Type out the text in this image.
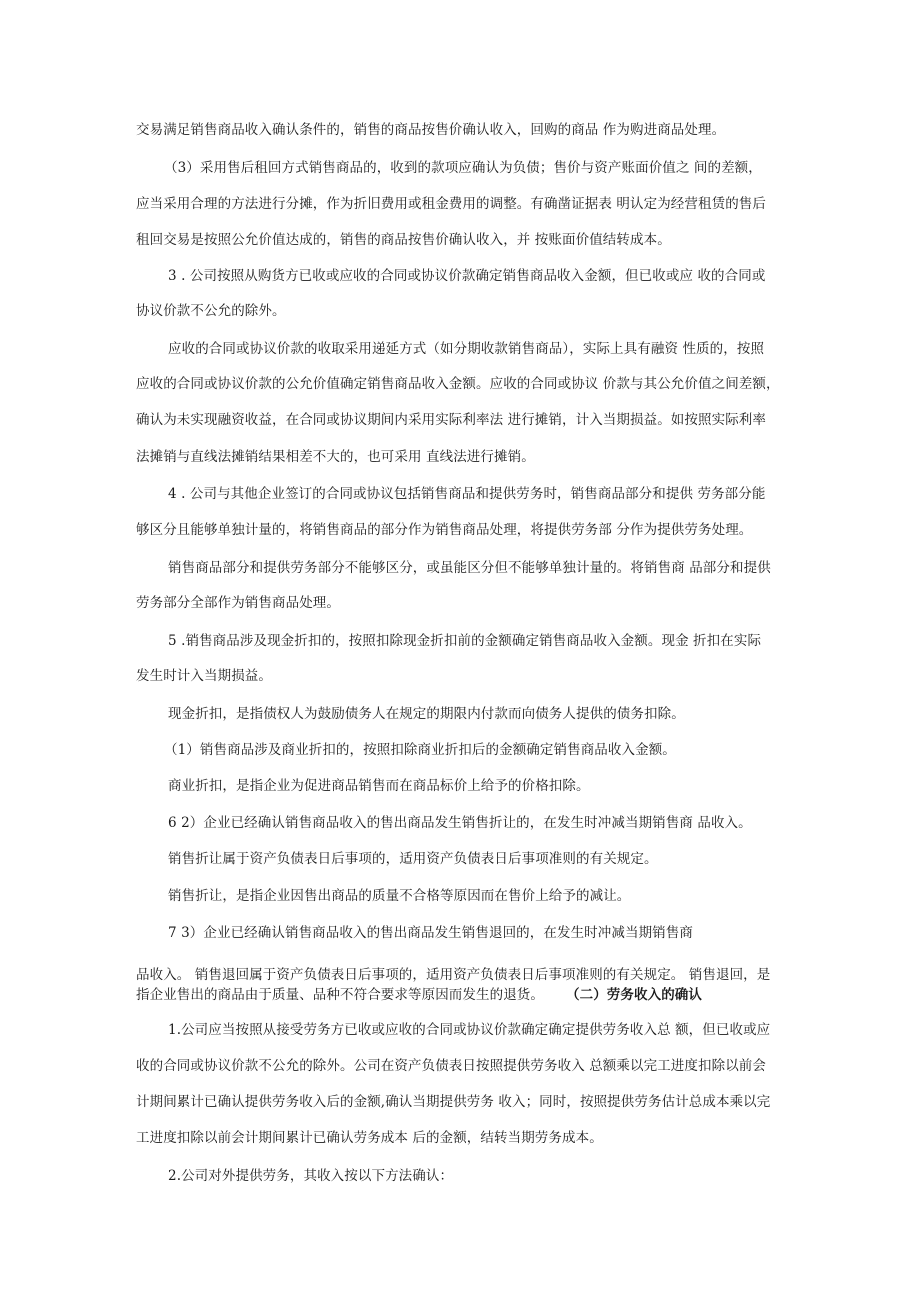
交易满足销售商品收入确认条件的，销售的商品按售价确认收入，回购的商品 作为购进商品处理。
（3）采用售后租回方式销售商品的，收到的款项应确认为负债；售价与资产账面价值之 间的差额，
应当采用合理的方法进行分摊，作为折旧费用或租金费用的调整。有确凿证据表 明认定为经营租赁的售后
租回交易是按照公允价值达成的，销售的商品按售价确认收入，并 按账面价值结转成本。
3 . 公司按照从购货方已收或应收的合同或协议价款确定销售商品收入金额，但已收或应 收的合同或
协议价款不公允的除外。
应收的合同或协议价款的收取采用递延方式（如分期收款销售商品），实际上具有融资 性质的，按照
应收的合同或协议价款的公允价值确定销售商品收入金额。应收的合同或协议 价款与其公允价值之间差额，
确认为未实现融资收益，在合同或协议期间内采用实际利率法 进行摊销，计入当期损益。如按照实际利率
法摊销与直线法摊销结果相差不大的，也可采用 直线法进行摊销。
4 . 公司与其他企业签订的合同或协议包括销售商品和提供劳务时，销售商品部分和提供 劳务部分能
够区分且能够单独计量的，将销售商品的部分作为销售商品处理，将提供劳务部 分作为提供劳务处理。
销售商品部分和提供劳务部分不能够区分，或虽能区分但不能够单独计量的。将销售商 品部分和提供
劳务部分全部作为销售商品处理。
5 .销售商品涉及现金折扣的，按照扣除现金折扣前的金额确定销售商品收入金额。现金 折扣在实际
发生时计入当期损益。
现金折扣，是指债权人为鼓励债务人在规定的期限内付款而向债务人提供的债务扣除。
（1）销售商品涉及商业折扣的，按照扣除商业折扣后的金额确定销售商品收入金额。
商业折扣，是指企业为促进商品销售而在商品标价上给予的价格扣除。
6 2）企业已经确认销售商品收入的售出商品发生销售折让的，在发生时冲减当期销售商 品收入。
销售折让属于资产负债表日后事项的，适用资产负债表日后事项准则的有关规定。
销售折让，是指企业因售出商品的质量不合格等原因而在售价上给予的减让。
7 3）企业已经确认销售商品收入的售出商品发生销售退回的，在发生时冲减当期销售商
品收入。 销售退回属于资产负债表日后事项的，适用资产负债表日后事项准则的有关规定。 销售退回，是
指企业售出的商品由于质量、品种不符合要求等原因而发生的退货。 （二）劳务收入的确认
1.公司应当按照从接受劳务方已收或应收的合同或协议价款确定确定提供劳务收入总 额，但已收或应
收的合同或协议价款不公允的除外。公司在资产负债表日按照提供劳务收入 总额乘以完工进度扣除以前会
计期间累计已确认提供劳务收入后的金额,确认当期提供劳务 收入；同时，按照提供劳务估计总成本乘以完
工进度扣除以前会计期间累计已确认劳务成本 后的金额，结转当期劳务成本。
2.公司对外提供劳务，其收入按以下方法确认：
